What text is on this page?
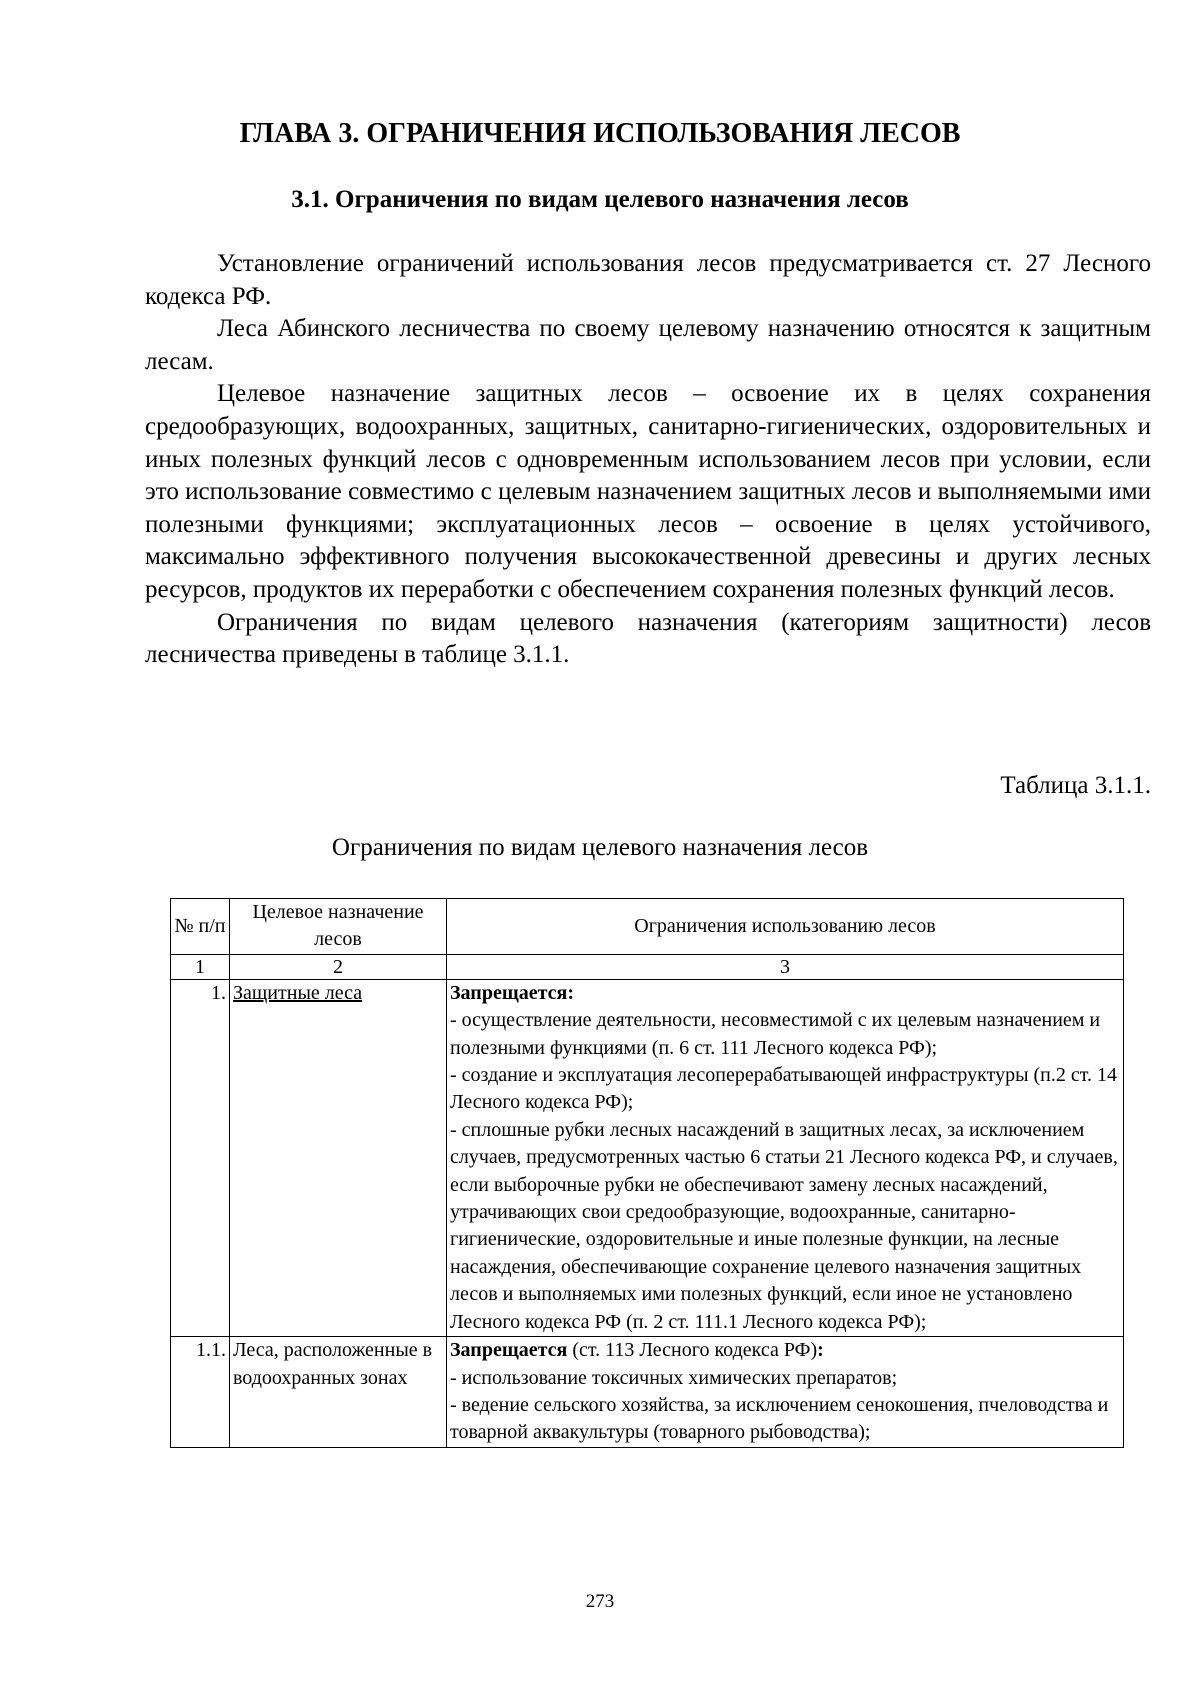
ГЛАВА 3. ОГРАНИЧЕНИЯ ИСПОЛЬЗОВАНИЯ ЛЕСОВ
3.1. Ограничения по видам целевого назначения лесов

Установление ограничений использования лесов предусматривается ст. 27 Лесного кодекса РФ.

Леса Абинского лесничества по своему целевому назначению относятся к защитным лесам.

Целевое назначение защитных лесов – освоение их в целях сохранения средообразующих, водоохранных, защитных, санитарно-гигиенических, оздоровительных и иных полезных функций лесов с одновременным использованием лесов при условии, если это использование совместимо с целевым назначением защитных лесов и выполняемыми ими полезными функциями; эксплуатационных лесов – освоение в целях устойчивого, максимально эффективного получения высококачественной древесины и других лесных ресурсов, продуктов их переработки с обеспечением сохранения полезных функций лесов.

Ограничения по видам целевого назначения (категориям защитности) лесов лесничества приведены в таблице 3.1.1.

Таблица 3.1.1.

Ограничения по видам целевого назначения лесов

№ п/п	Целевое назначение лесов	Ограничения использованию лесов
1	2	3
1.	Защитные леса	Запрещается:
- осуществление деятельности, несовместимой с их целевым назначением и полезными функциями (п. 6 ст. 111 Лесного кодекса РФ);
- создание и эксплуатация лесоперерабатывающей инфраструктуры (п.2 ст. 14 Лесного кодекса РФ);
- сплошные рубки лесных насаждений в защитных лесах, за исключением случаев, предусмотренных частью 6 статьи 21 Лесного кодекса РФ, и случаев, если выборочные рубки не обеспечивают замену лесных насаждений, утрачивающих свои средообразующие, водоохранные, санитарно-гигиенические, оздоровительные и иные полезные функции, на лесные насаждения, обеспечивающие сохранение целевого назначения защитных лесов и выполняемых ими полезных функций, если иное не установлено Лесного кодекса РФ (п. 2 ст. 111.1 Лесного кодекса РФ);

1.1.	Леса, расположенные в водоохранных зонах	Запрещается (ст. 113 Лесного кодекса РФ):
- использование токсичных химических препаратов;
- ведение сельского хозяйства, за исключением сенокошения, пчеловодства и товарной аквакультуры (товарного рыбоводства);

273
